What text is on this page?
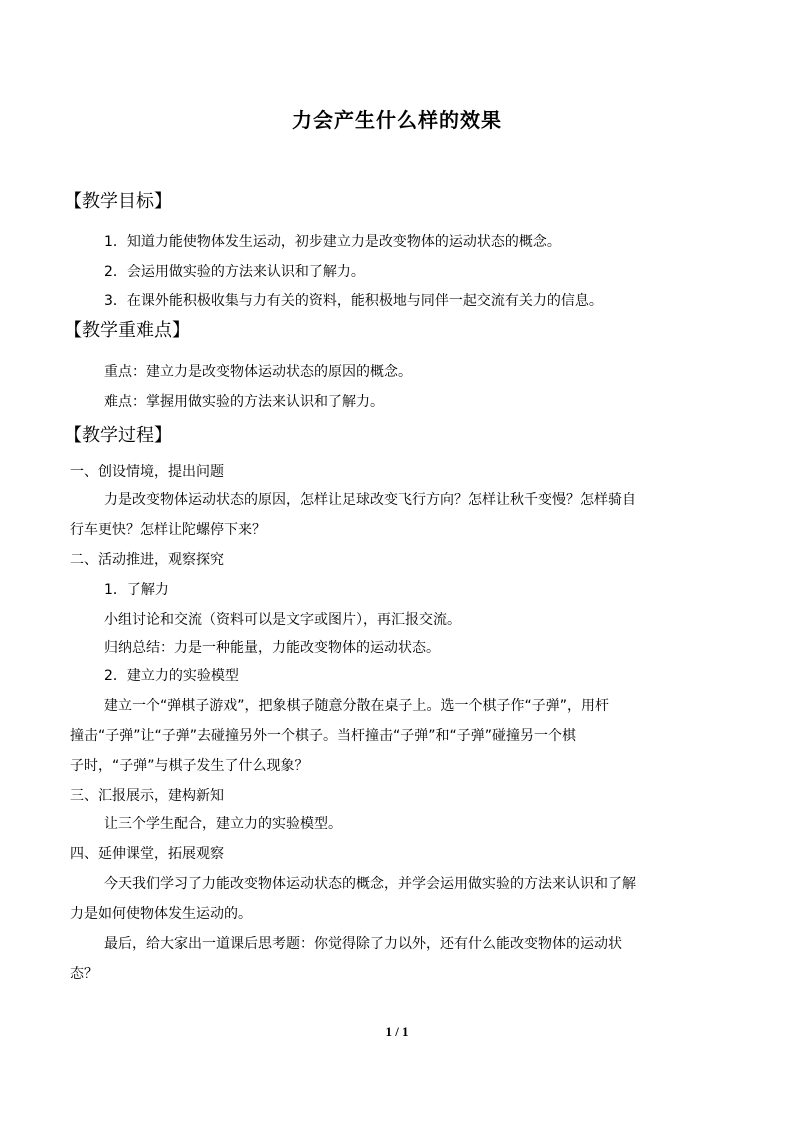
力会产生什么样的效果
【教学目标】
1．知道力能使物体发生运动，初步建立力是改变物体的运动状态的概念。
2．会运用做实验的方法来认识和了解力。
3．在课外能积极收集与力有关的资料，能积极地与同伴一起交流有关力的信息。
【教学重难点】
重点：建立力是改变物体运动状态的原因的概念。
难点：掌握用做实验的方法来认识和了解力。
【教学过程】
一、创设情境，提出问题
力是改变物体运动状态的原因，怎样让足球改变飞行方向？怎样让秋千变慢？怎样骑自
行车更快？怎样让陀螺停下来？
二、活动推进，观察探究
1．了解力
小组讨论和交流（资料可以是文字或图片），再汇报交流。
归纳总结：力是一种能量，力能改变物体的运动状态。
2．建立力的实验模型
建立一个“弹棋子游戏”，把象棋子随意分散在桌子上。选一个棋子作“子弹”，用杆
撞击“子弹”让“子弹”去碰撞另外一个棋子。当杆撞击“子弹”和“子弹”碰撞另一个棋
子时，“子弹”与棋子发生了什么现象？
三、汇报展示，建构新知
让三个学生配合，建立力的实验模型。
四、延伸课堂，拓展观察
今天我们学习了力能改变物体运动状态的概念，并学会运用做实验的方法来认识和了解
力是如何使物体发生运动的。
最后，给大家出一道课后思考题：你觉得除了力以外，还有什么能改变物体的运动状
态？
1 / 1
